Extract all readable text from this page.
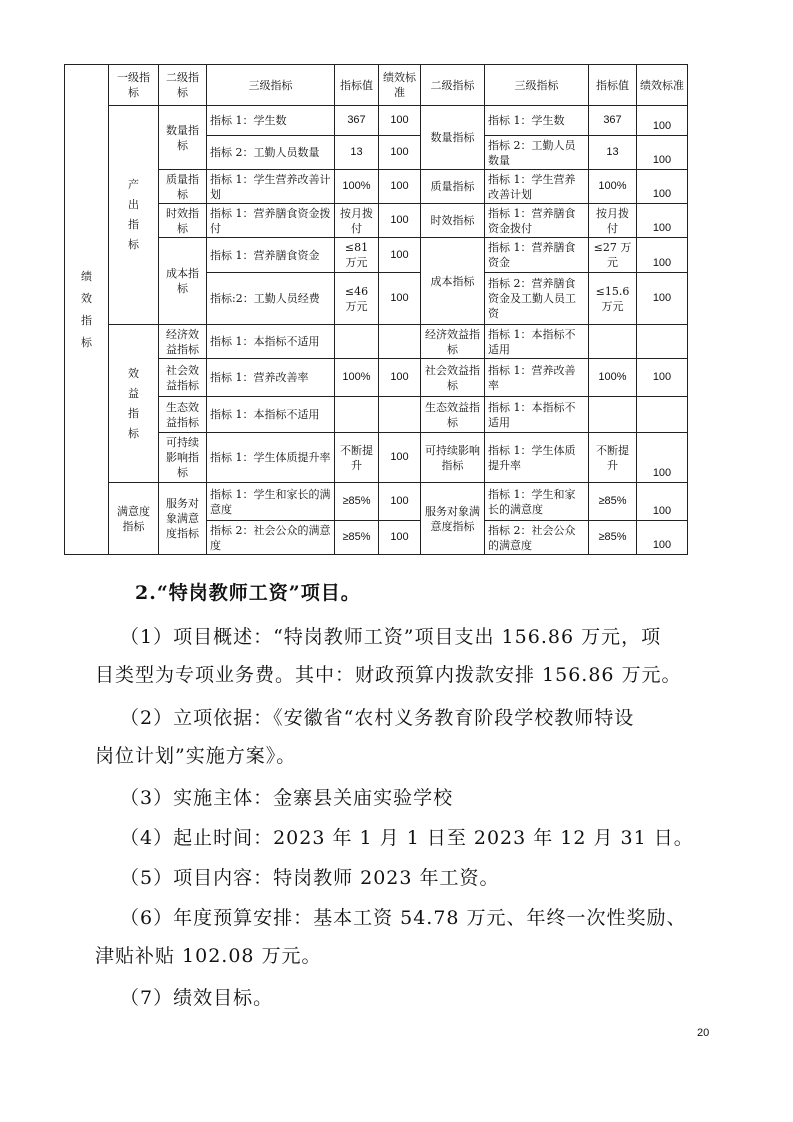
绩效指标	一级指标	二级指标	三级指标	指标值	绩效标准	二级指标	三级指标	指标值	绩效标准

	产出指标	数量指标	指标 1：学生数	367	100	数量指标	指标 1：学生数	367	100
			指标 2：工勤人员数量	13	100		指标 2：工勤人员数量	13	100
		质量指标	指标 1：学生营养改善计划	100%	100	质量指标	指标 1：学生营养改善计划	100%	100
		时效指标	指标 1：营养膳食资金拨付	按月拨付	100	时效指标	指标 1：营养膳食资金拨付	按月拨付	100
		成本指标	指标 1：营养膳食资金	≤81 万元	100	成本指标	指标 1：营养膳食资金	≤27 万元	100
			指标:2：工勤人员经费	≤46 万元	100		指标 2：营养膳食资金及工勤人员工资	≤15.6 万元	100

	效益指标	经济效益指标	指标 1：本指标不适用			经济效益指标	指标 1：本指标不适用		
		社会效益指标	指标 1：营养改善率	100%	100	社会效益指标	指标 1：营养改善率	100%	100
		生态效益指标	指标 1：本指标不适用			生态效益指标	指标 1：本指标不适用		
		可持续影响指标	指标 1：学生体质提升率	不断提升	100	可持续影响指标	指标 1：学生体质提升率	不断提升	100
	满意度指标	服务对象满意度指标	指标 1：学生和家长的满意度	≥85%	100	服务对象满意度指标	指标 1：学生和家长的满意度	≥85%	100
			指标 2：社会公众的满意度	≥85%	100		指标 2：社会公众的满意度	≥85%	100
2.“特岗教师工资”项目。
（1）项目概述：“特岗教师工资”项目支出 156.86 万元，项
目类型为专项业务费。其中：财政预算内拨款安排 156.86 万元。
（2）立项依据：《安徽省“农村义务教育阶段学校教师特设
岗位计划”实施方案》。
（3）实施主体：金寨县关庙实验学校
（4）起止时间：2023 年 1 月 1 日至 2023 年 12 月 31 日。
（5）项目内容：特岗教师 2023 年工资。
（6）年度预算安排：基本工资 54.78 万元、年终一次性奖励、
津贴补贴 102.08 万元。
（7）绩效目标。
20
